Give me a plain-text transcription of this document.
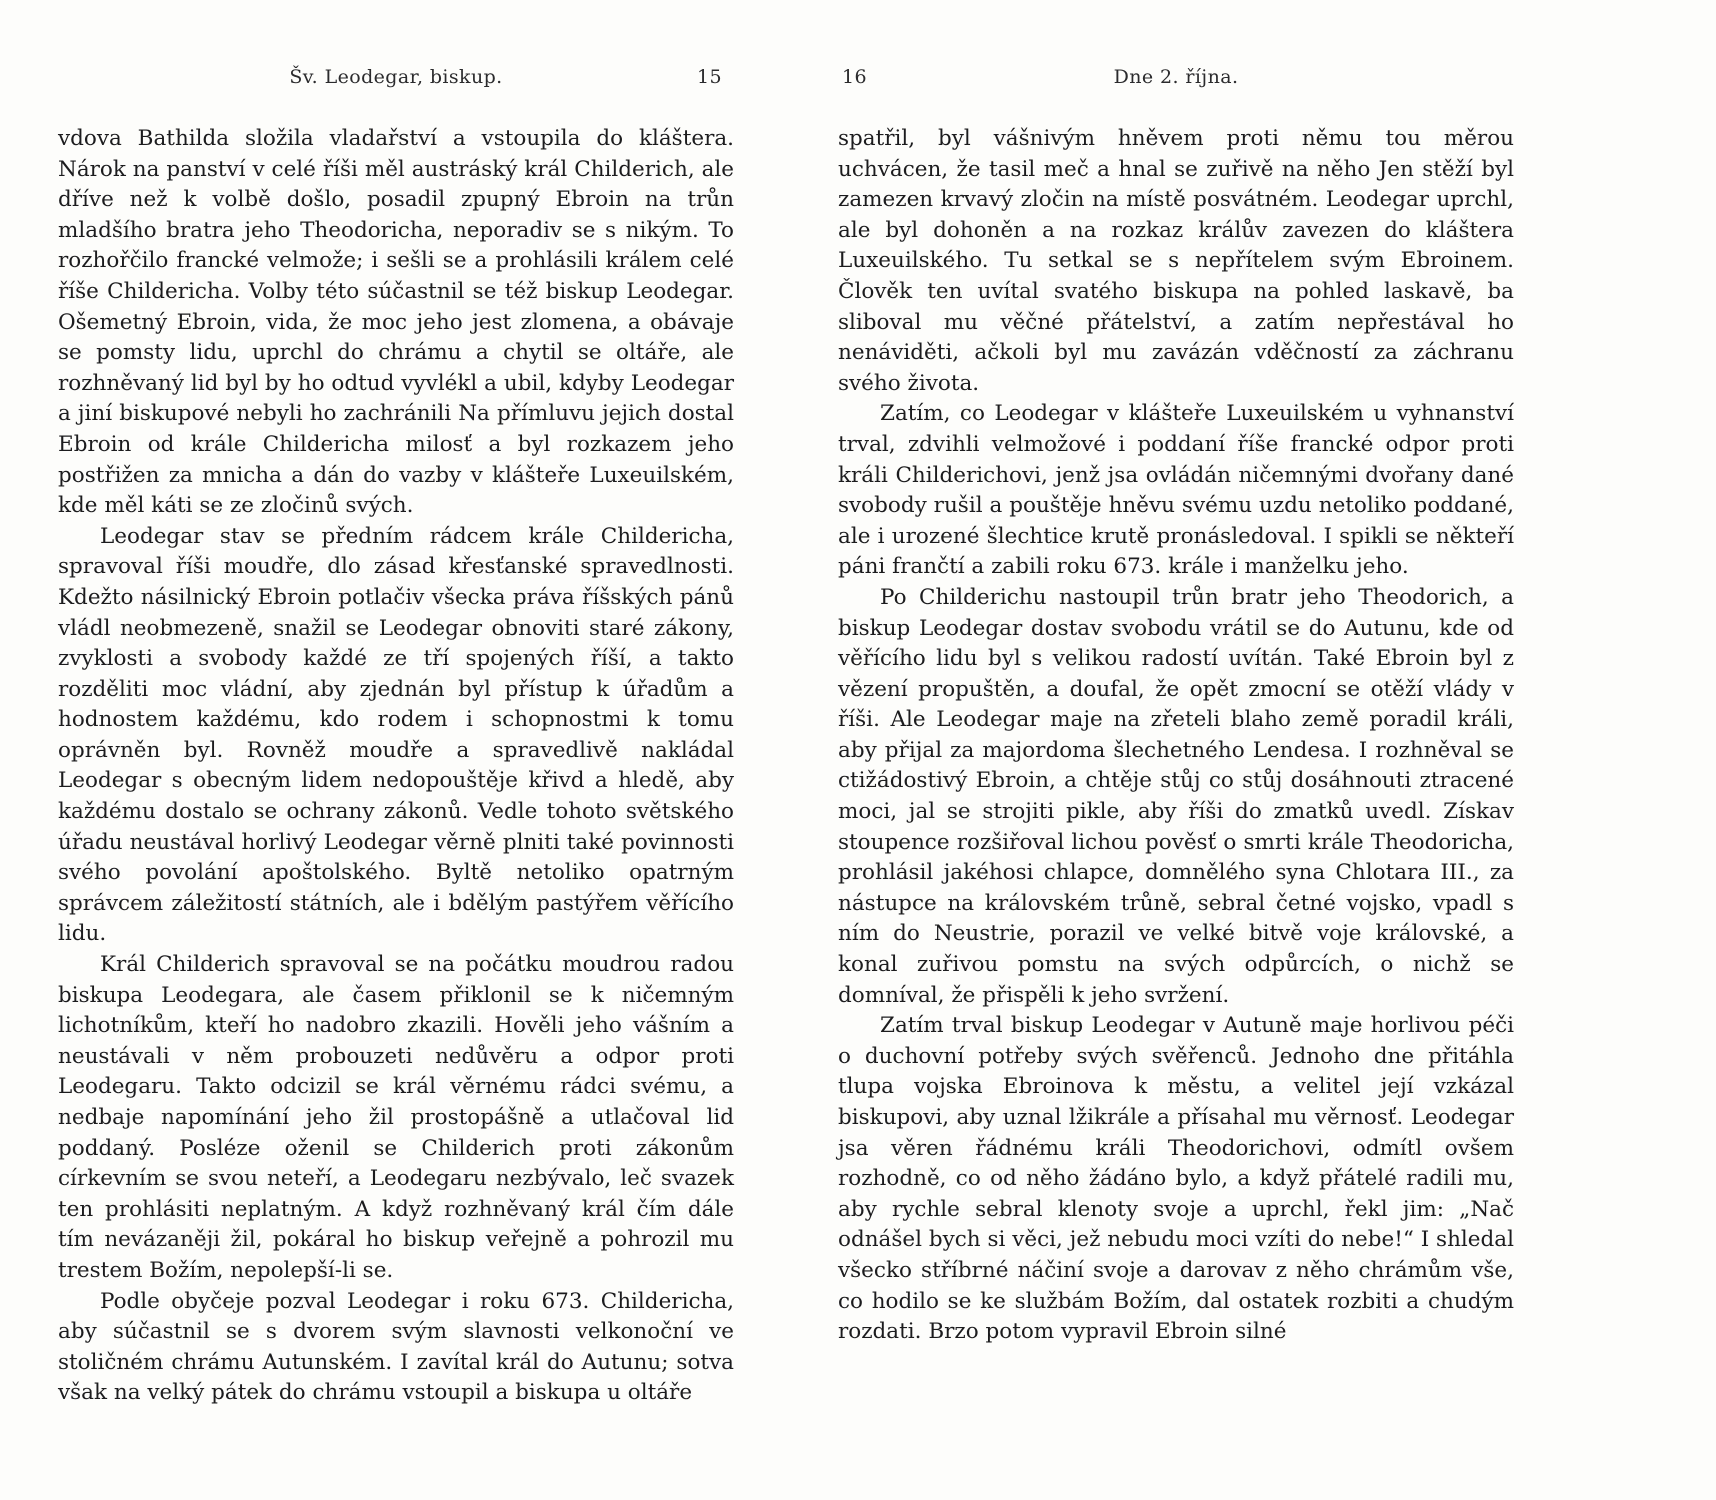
Šv. Leodegar, biskup.	15

vdova Bathilda složila vladařství a vstoupila do kláštera. Nárok na panství v celé říši měl austráský král Childerich, ale dříve než k volbě došlo, posadil zpupný Ebroin na trůn mladšího bratra jeho Theodoricha, neporadiv se s nikým. To rozhořčilo francké velmože; i sešli se a prohlásili králem celé říše Childericha. Volby této súčastnil se též biskup Leodegar. Ošemetný Ebroin, vida, že moc jeho jest zlomena, a obávaje se pomsty lidu, uprchl do chrámu a chytil se oltáře, ale rozhněvaný lid byl by ho odtud vyvlékl a ubil, kdyby Leodegar a jiní biskupové nebyli ho zachránili Na přímluvu jejich dostal Ebroin od krále Childericha milosť a byl rozkazem jeho postřižen za mnicha a dán do vazby v klášteře Luxeuilském, kde měl káti se ze zločinů svých.

Leodegar stav se předním rádcem krále Childericha, spravoval říši moudře, dlo zásad křesťanské spravedlnosti. Kdežto násilnický Ebroin potlačiv všecka práva říšských pánů vládl neobmezeně, snažil se Leodegar obnoviti staré zákony, zvyklosti a svobody každé ze tří spojených říší, a takto rozděliti moc vládní, aby zjednán byl přístup k úřadům a hodnostem každému, kdo rodem i schopnostmi k tomu oprávněn byl. Rovněž moudře a spravedlivě nakládal Leodegar s obecným lidem nedopouštěje křivd a hledě, aby každému dostalo se ochrany zákonů. Vedle tohoto světského úřadu neustával horlivý Leodegar věrně plniti také povinnosti svého povolání apoštolského. Byltě netoliko opatrným správcem záležitostí státních, ale i bdělým pastýřem věřícího lidu.

Král Childerich spravoval se na počátku moudrou radou biskupa Leodegara, ale časem přiklonil se k ničemným lichotníkům, kteří ho nadobro zkazili. Hověli jeho vášním a neustávali v něm probouzeti nedůvěru a odpor proti Leodegaru. Takto odcizil se král věrnému rádci svému, a nedbaje napomínání jeho žil prostopášně a utlačoval lid poddaný. Posléze oženil se Childerich proti zákonům církevním se svou neteří, a Leodegaru nezbývalo, leč svazek ten prohlásiti neplatným. A když rozhněvaný král čím dále tím nevázaněji žil, pokáral ho biskup veřejně a pohrozil mu trestem Božím, nepolepší-li se.

Podle obyčeje pozval Leodegar i roku 673. Childericha, aby súčastnil se s dvorem svým slavnosti velkonoční ve stoličném chrámu Autunském. I zavítal král do Autunu; sotva však na velký pátek do chrámu vstoupil a biskupa u oltáře

16	Dne 2. října.

spatřil, byl vášnivým hněvem proti němu tou měrou uchvácen, že tasil meč a hnal se zuřivě na něho Jen stěží byl zamezen krvavý zločin na místě posvátném. Leodegar uprchl, ale byl dohoněn a na rozkaz králův zavezen do kláštera Luxeuilského. Tu setkal se s nepřítelem svým Ebroinem. Člověk ten uvítal svatého biskupa na pohled laskavě, ba sliboval mu věčné přátelství, a zatím nepřestával ho nenáviděti, ačkoli byl mu zavázán vděčností za záchranu svého života.

Zatím, co Leodegar v klášteře Luxeuilském u vyhnanství trval, zdvihli velmožové i poddaní říše francké odpor proti králi Childerichovi, jenž jsa ovládán ničemnými dvořany dané svobody rušil a pouštěje hněvu svému uzdu netoliko poddané, ale i urozené šlechtice krutě pronásledoval. I spikli se někteří páni frančtí a zabili roku 673. krále i manželku jeho.

Po Childerichu nastoupil trůn bratr jeho Theodorich, a biskup Leodegar dostav svobodu vrátil se do Autunu, kde od věřícího lidu byl s velikou radostí uvítán. Také Ebroin byl z vězení propuštěn, a doufal, že opět zmocní se otěží vlády v říši. Ale Leodegar maje na zřeteli blaho země poradil králi, aby přijal za majordoma šlechetného Lendesa. I rozhněval se ctižádostivý Ebroin, a chtěje stůj co stůj dosáhnouti ztracené moci, jal se strojiti pikle, aby říši do zmatků uvedl. Získav stoupence rozšiřoval lichou pověsť o smrti krále Theodoricha, prohlásil jakéhosi chlapce, domnělého syna Chlotara III., za nástupce na královském trůně, sebral četné vojsko, vpadl s ním do Neustrie, porazil ve velké bitvě voje královské, a konal zuřivou pomstu na svých odpůrcích, o nichž se domníval, že přispěli k jeho svržení.

Zatím trval biskup Leodegar v Autuně maje horlivou péči o duchovní potřeby svých svěřenců. Jednoho dne přitáhla tlupa vojska Ebroinova k městu, a velitel její vzkázal biskupovi, aby uznal lžikrále a přísahal mu věrnosť. Leodegar jsa věren řádnému králi Theodorichovi, odmítl ovšem rozhodně, co od něho žádáno bylo, a když přátelé radili mu, aby rychle sebral klenoty svoje a uprchl, řekl jim: „Nač odnášel bych si věci, jež nebudu moci vzíti do nebe!“ I shledal všecko stříbrné náčiní svoje a darovav z něho chrámům vše, co hodilo se ke službám Božím, dal ostatek rozbiti a chudým rozdati. Brzo potom vypravil Ebroin silné
